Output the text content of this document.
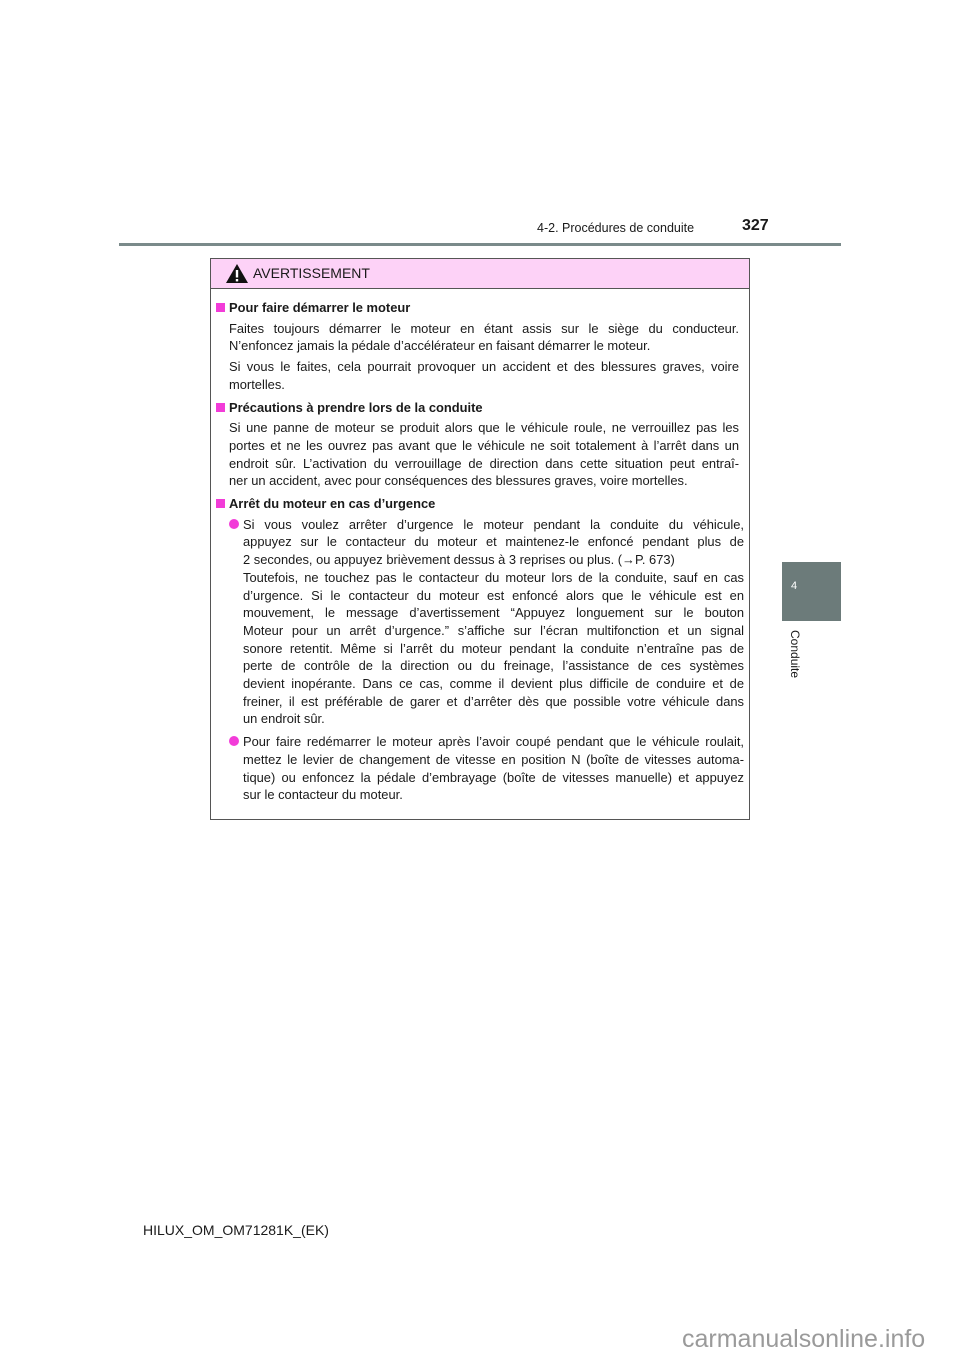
4-2. Procédures de conduite	327
4
Conduite
AVERTISSEMENT
Pour faire démarrer le moteur
Faites toujours démarrer le moteur en étant assis sur le siège du conducteur.
N’enfoncez jamais la pédale d’accélérateur en faisant démarrer le moteur.
Si vous le faites, cela pourrait provoquer un accident et des blessures graves, voire
mortelles.
Précautions à prendre lors de la conduite
Si une panne de moteur se produit alors que le véhicule roule, ne verrouillez pas les
portes et ne les ouvrez pas avant que le véhicule ne soit totalement à l’arrêt dans un
endroit sûr. L’activation du verrouillage de direction dans cette situation peut entraî-
ner un accident, avec pour conséquences des blessures graves, voire mortelles.
Arrêt du moteur en cas d’urgence
Si vous voulez arrêter d’urgence le moteur pendant la conduite du véhicule,
appuyez sur le contacteur du moteur et maintenez-le enfoncé pendant plus de
2 secondes, ou appuyez brièvement dessus à 3 reprises ou plus. (→P. 673)
Toutefois, ne touchez pas le contacteur du moteur lors de la conduite, sauf en cas
d’urgence. Si le contacteur du moteur est enfoncé alors que le véhicule est en
mouvement, le message d’avertissement “Appuyez longuement sur le bouton
Moteur pour un arrêt d’urgence.” s’affiche sur l’écran multifonction et un signal
sonore retentit. Même si l’arrêt du moteur pendant la conduite n’entraîne pas de
perte de contrôle de la direction ou du freinage, l’assistance de ces systèmes
devient inopérante. Dans ce cas, comme il devient plus difficile de conduire et de
freiner, il est préférable de garer et d’arrêter dès que possible votre véhicule dans
un endroit sûr.
Pour faire redémarrer le moteur après l’avoir coupé pendant que le véhicule roulait,
mettez le levier de changement de vitesse en position N (boîte de vitesses automa-
tique) ou enfoncez la pédale d’embrayage (boîte de vitesses manuelle) et appuyez
sur le contacteur du moteur.
HILUX_OM_OM71281K_(EK)
carmanualsonline.info
